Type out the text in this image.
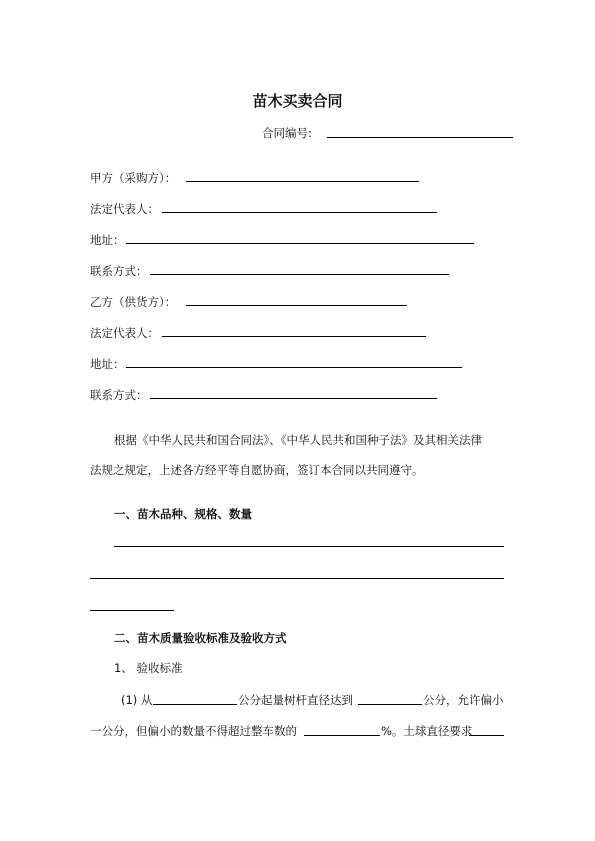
苗木买卖合同
合同编号:
甲方（采购方）：
法定代表人：
地址：
联系方式：
乙方（供货方）：
法定代表人：
地址：
联系方式：
根据《中华人民共和国合同法》、《中华人民共和国种子法》及其相关法律
法规之规定，上述各方经平等自愿协商，签订本合同以共同遵守。
一、苗木品种、规格、数量
二、苗木质量验收标准及验收方式
1、 验收标准
(1) 从	公分起量树杆直径达到	公分，允许偏小
一公分，但偏小的数量不得超过整车数的	%。土球直径要求
